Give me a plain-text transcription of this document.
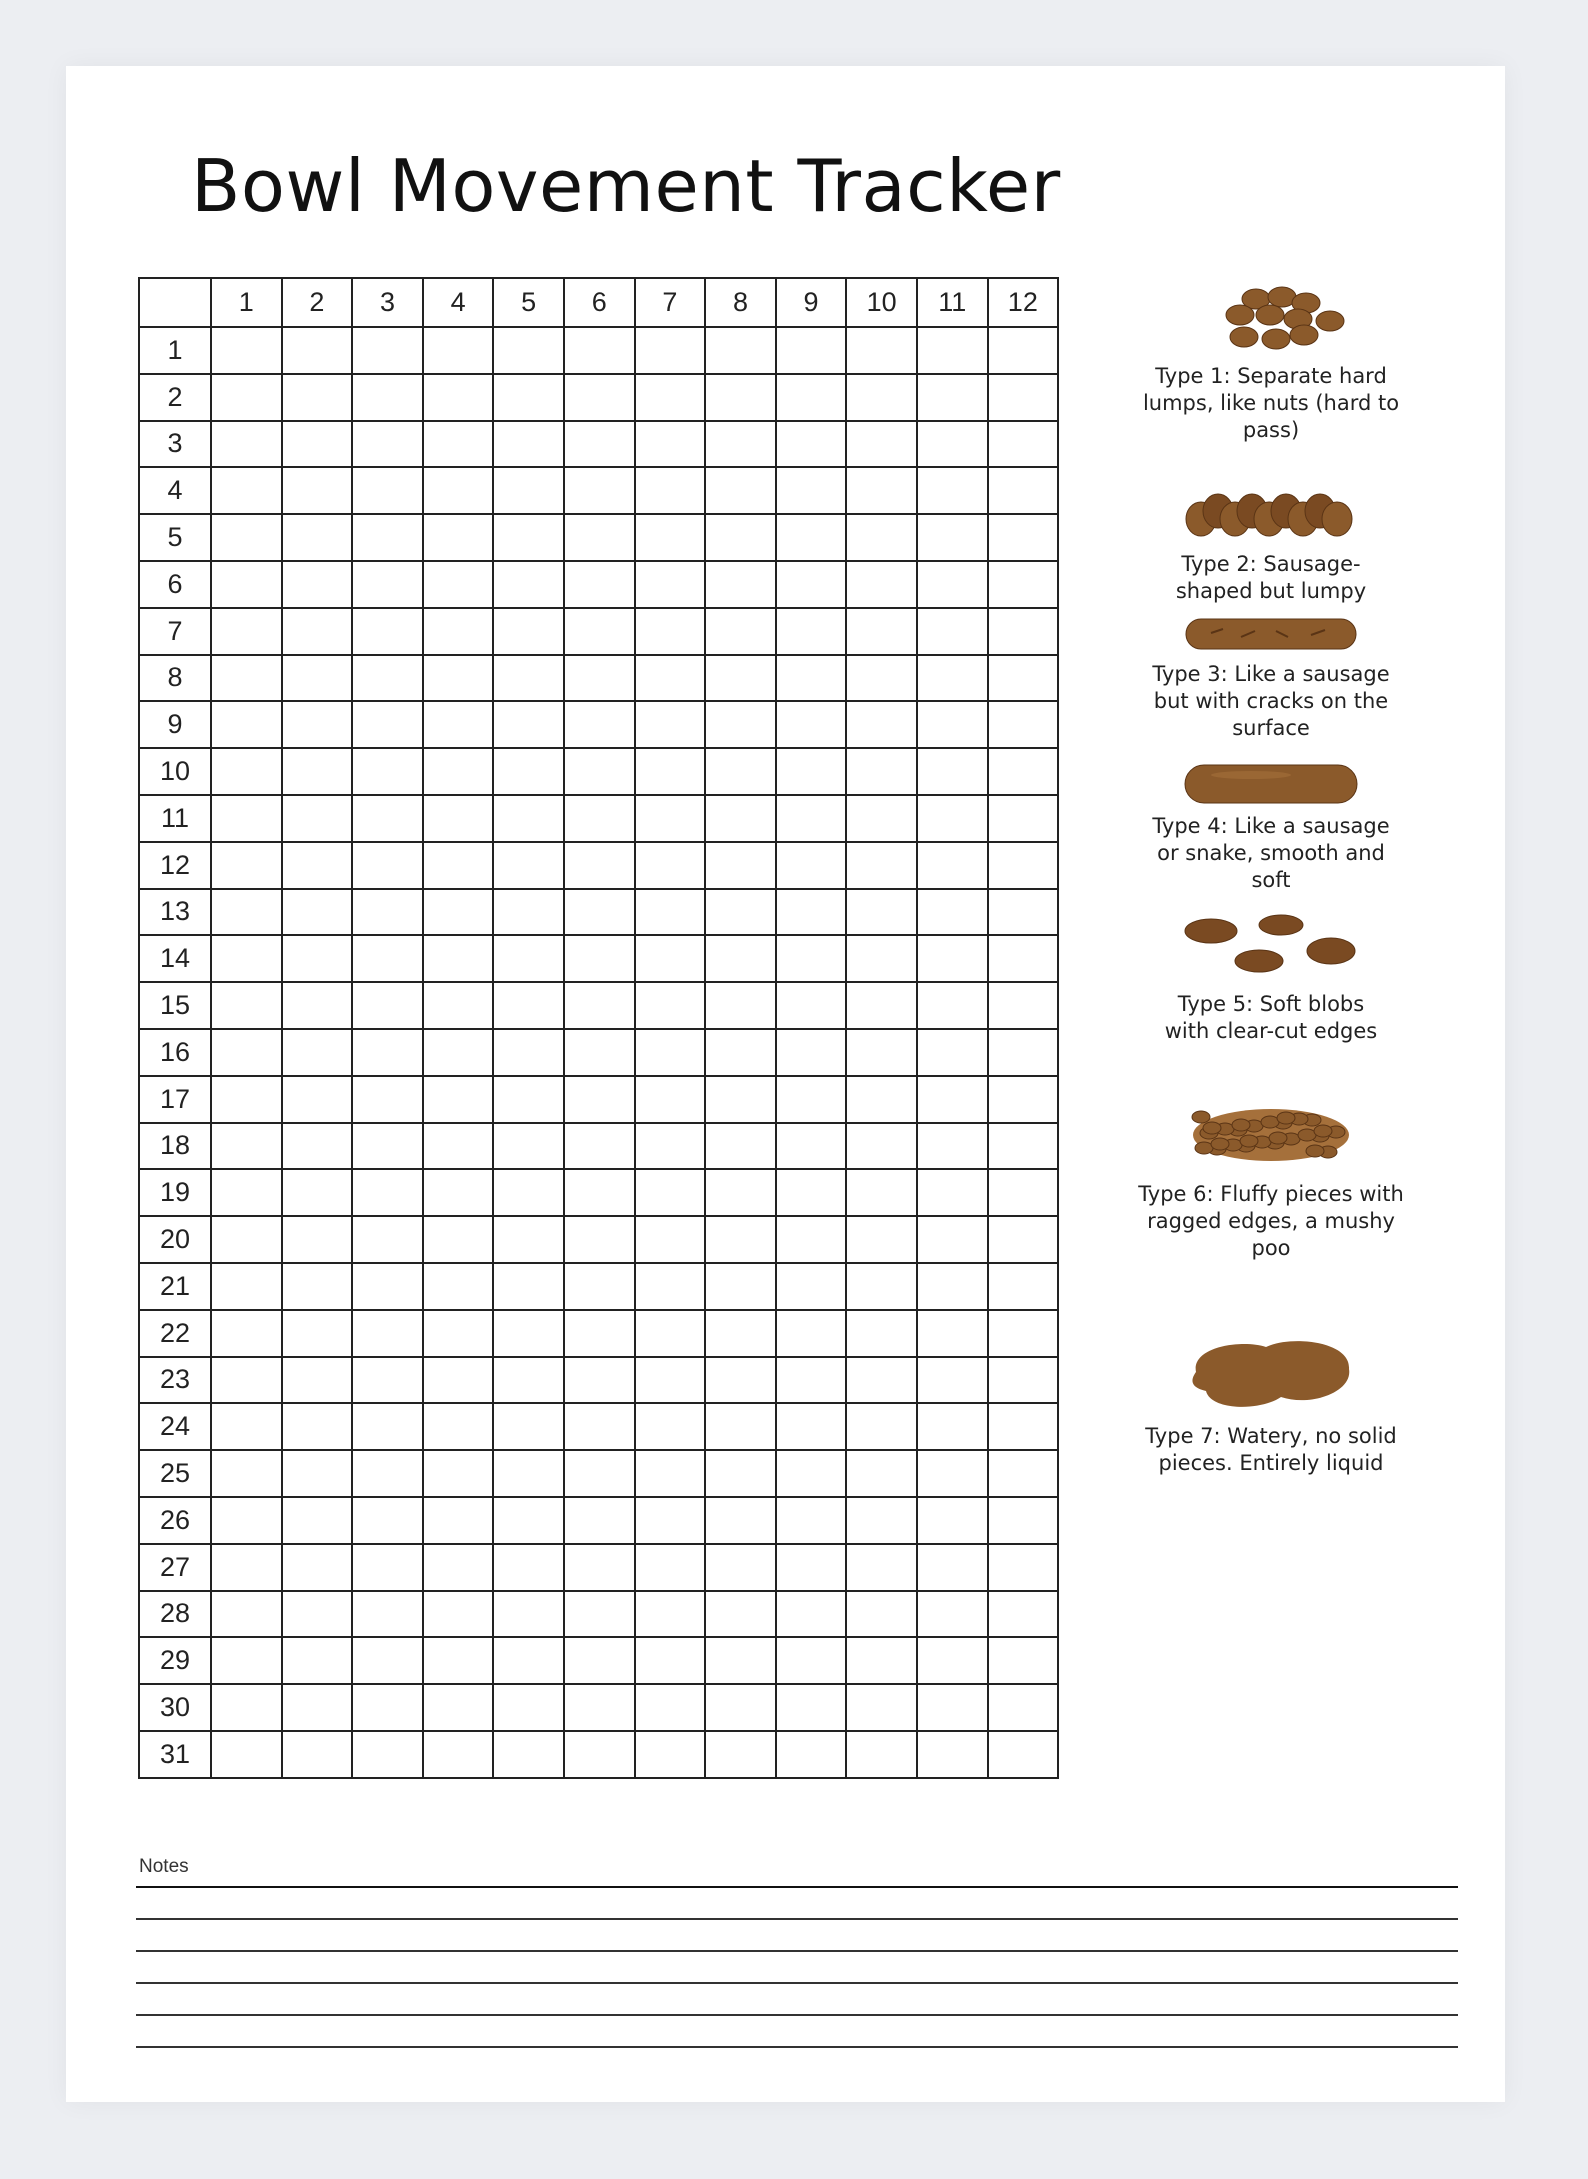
Bowl Movement Tracker
	1	2	3	4	5	6	7	8	9	10	11	12
1												
2												
3												
4												
5												
6												
7												
8												
9												
10												
11												
12												
13												
14												
15												
16												
17												
18												
19												
20												
21												
22												
23												
24												
25												
26												
27												
28												
29												
30												
31												
Type 1: Separate hard
lumps, like nuts (hard to
pass)
Type 2: Sausage-
shaped but lumpy
Type 3: Like a sausage
but with cracks on the
surface
Type 4: Like a sausage
or snake, smooth and
soft
Type 5: Soft blobs
with clear-cut edges
Type 6: Fluffy pieces with
ragged edges, a mushy
poo
Type 7: Watery, no solid
pieces. Entirely liquid
Notes
